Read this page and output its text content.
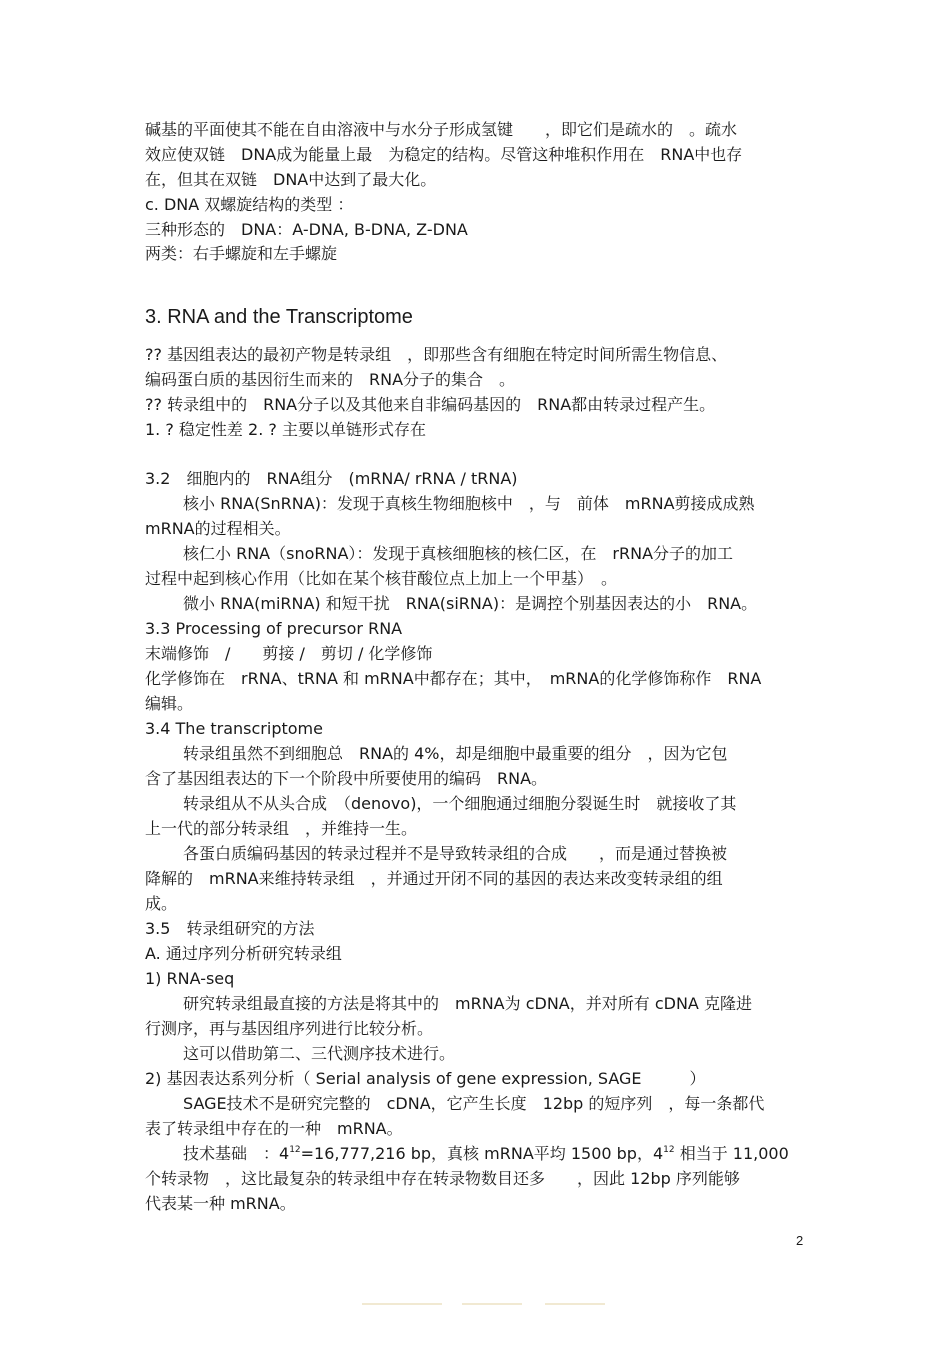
碱基的平面使其不能在自由溶液中与水分子形成氢键　　，即它们是疏水的　。疏水
效应使双链　DNA成为能量上最　为稳定的结构。尽管这种堆积作用在　RNA中也存
在，但其在双链　DNA中达到了最大化。
c. DNA 双螺旋结构的类型 ：
三种形态的　DNA：A-DNA, B-DNA, Z-DNA
两类：右手螺旋和左手螺旋
3. RNA and the Transcriptome
?? 基因组表达的最初产物是转录组　，即那些含有细胞在特定时间所需生物信息、
编码蛋白质的基因衍生而来的　RNA分子的集合　。
?? 转录组中的　RNA分子以及其他来自非编码基因的　RNA都由转录过程产生。
1. ? 稳定性差 2. ? 主要以单链形式存在
3.2　细胞内的　RNA组分　(mRNA/ rRNA / tRNA)
核小 RNA(SnRNA)：发现于真核生物细胞核中　，与　前体　mRNA剪接成成熟
mRNA的过程相关。
核仁小 RNA（snoRNA）：发现于真核细胞核的核仁区，在　rRNA分子的加工
过程中起到核心作用（比如在某个核苷酸位点上加上一个甲基）　。
微小 RNA(miRNA) 和短干扰　RNA(siRNA)：是调控个别基因表达的小　RNA。
3.3 Processing of precursor RNA
末端修饰　/　　剪接 /　剪切 / 化学修饰
化学修饰在　rRNA、tRNA 和 mRNA中都存在；其中，　mRNA的化学修饰称作　RNA
编辑。
3.4 The transcriptome
转录组虽然不到细胞总　RNA的 4%，却是细胞中最重要的组分　，因为它包
含了基因组表达的下一个阶段中所要使用的编码　RNA。
转录组从不从头合成　（denovo)，一个细胞通过细胞分裂诞生时　就接收了其
上一代的部分转录组　，并维持一生。
各蛋白质编码基因的转录过程并不是导致转录组的合成　　，而是通过替换被
降解的　mRNA来维持转录组　，并通过开闭不同的基因的表达来改变转录组的组
成。
3.5　转录组研究的方法
A. 通过序列分析研究转录组
1) RNA-seq
研究转录组最直接的方法是将其中的　mRNA为 cDNA，并对所有 cDNA 克隆进
行测序，再与基因组序列进行比较分析。
这可以借助第二、三代测序技术进行。
2) 基因表达系列分析（ Serial analysis of gene expression, SAGE　　　）
SAGE技术不是研究完整的　cDNA，它产生长度　12bp 的短序列　，每一条都代
表了转录组中存在的一种　mRNA。
技术基础　：$4^{12}=16,777,216$ bp，真核 mRNA平均 1500 bp，$4^{12}$ 相当于 11,000
个转录物　，这比最复杂的转录组中存在转录物数目还多　　，因此 12bp 序列能够
代表某一种 mRNA。
2
